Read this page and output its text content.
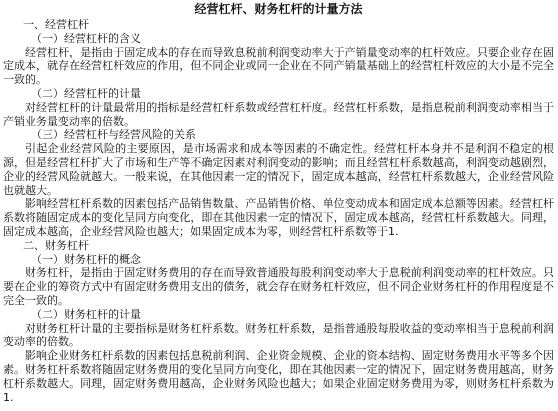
经营杠杆、财务杠杆的计量方法
一、经营杠杆
（一）经营杠杆的含义

经营杠杆，是指由于固定成本的存在而导致息税前利润变动率大于产销量变动率的杠杆效应。只要企业存在固定成本，就存在经营杠杆效应的作用，但不同企业或同一企业在不同产销量基础上的经营杠杆效应的大小是不完全一致的。

（二）经营杠杆的计量

对经营杠杆的计量最常用的指标是经营杠杆系数或经营杠杆度。经营杠杆系数，是指息税前利润变动率相当于产销业务量变动率的倍数。

（三）经营杠杆与经营风险的关系

引起企业经营风险的主要原因，是市场需求和成本等因素的不确定性。经营杠杆本身并不是利润不稳定的根源，但是经营杠杆扩大了市场和生产等不确定因素对利润变动的影响；而且经营杠杆系数越高，利润变动越剧烈，企业的经营风险就越大。一般来说，在其他因素一定的情况下，固定成本越高，经营杠杆系数越大，企业经营风险也就越大。

影响经营杠杆系数的因素包括产品销售数量、产品销售价格、单位变动成本和固定成本总额等因素。经营杠杆系数将随固定成本的变化呈同方向变化，即在其他因素一定的情况下，固定成本越高，经营杠杆系数越大。同理，固定成本越高，企业经营风险也越大；如果固定成本为零，则经营杠杆系数等于1.

二、财务杠杆
（一）财务杠杆的概念

财务杠杆，是指由于固定财务费用的存在而导致普通股每股利润变动率大于息税前利润变动率的杠杆效应。只要在企业的筹资方式中有固定财务费用支出的债务，就会存在财务杠杆效应，但不同企业财务杠杆的作用程度是不完全一致的。

（二）财务杠杆的计量

对财务杠杆计量的主要指标是财务杠杆系数。财务杠杆系数，是指普通股每股收益的变动率相当于息税前利润变动率的倍数。

影响企业财务杠杆系数的因素包括息税前利润、企业资金规模、企业的资本结构、固定财务费用水平等多个因素。财务杠杆系数将随固定财务费用的变化呈同方向变化，即在其他因素一定的情况下，固定财务费用越高，财务杠杆系数越大。同理，固定财务费用越高，企业财务风险也越大；如果企业固定财务费用为零，则财务杠杆系数为1.
